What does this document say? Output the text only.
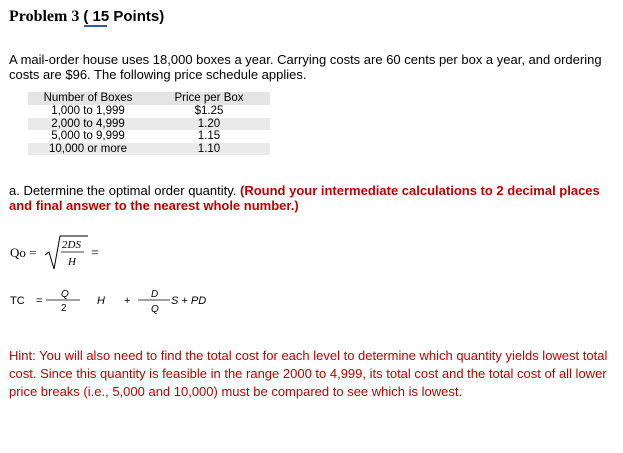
Problem 3 ( 15 Points)
A mail-order house uses 18,000 boxes a year. Carrying costs are 60 cents per box a year, and ordering costs are $96. The following price schedule applies.
Number of Boxes	Price per Box
1,000 to 1,999	$1.25
2,000 to 4,999	1.20
5,000 to 9,999	1.15
10,000 or more	1.10
a. Determine the optimal order quantity. (Round your intermediate calculations to 2 decimal places and final answer to the nearest whole number.)
Qo = 2DS
H
=
TC =
Q
2
H +
D
Q
S + PD
Hint: You will also need to find the total cost for each level to determine which quantity yields lowest total cost. Since this quantity is feasible in the range 2000 to 4,999, its total cost and the total cost of all lower price breaks (i.e., 5,000 and 10,000) must be compared to see which is lowest.
